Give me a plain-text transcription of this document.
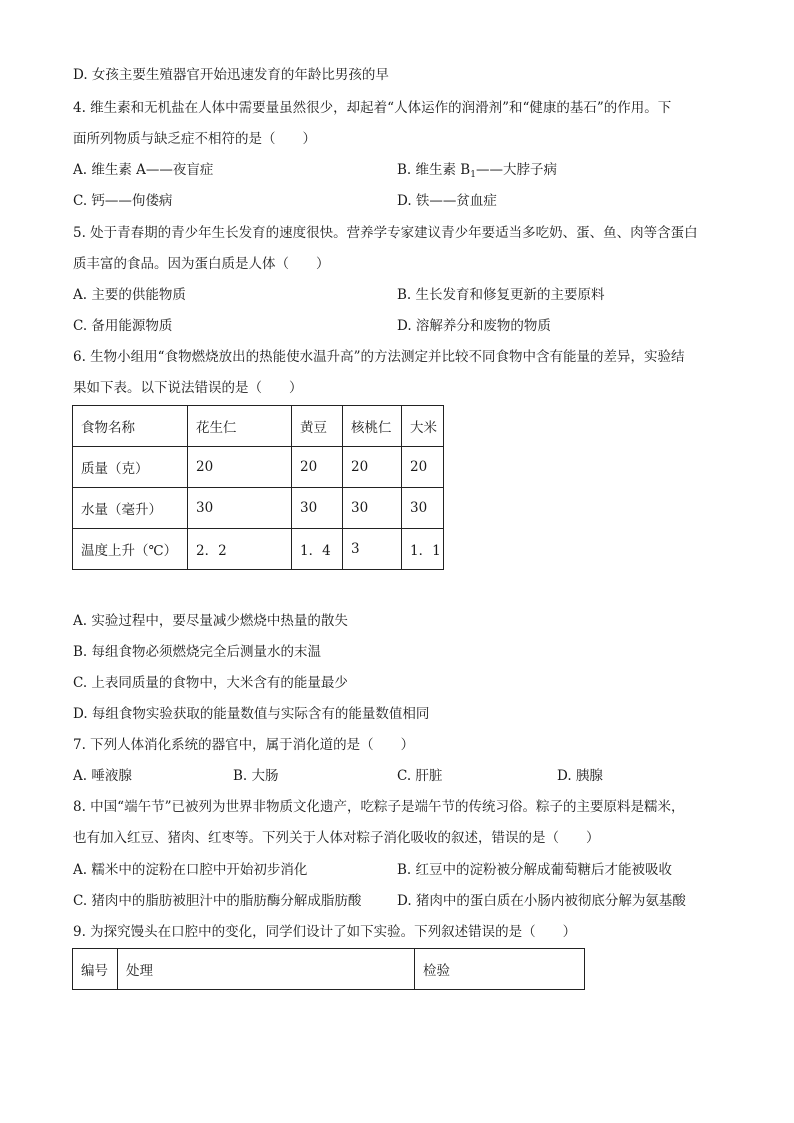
D. 女孩主要生殖器官开始迅速发育的年龄比男孩的早
4. 维生素和无机盐在人体中需要量虽然很少，却起着“人体运作的润滑剂”和“健康的基石”的作用。下
面所列物质与缺乏症不相符的是（　　）
A. 维生素 A——夜盲症	B. 维生素 $B_1——$大脖子病
C. 钙——佝偻病	D. 铁——贫血症
5. 处于青春期的青少年生长发育的速度很快。营养学专家建议青少年要适当多吃奶、蛋、鱼、肉等含蛋白
质丰富的食品。因为蛋白质是人体（　　）
A. 主要的供能物质	B. 生长发育和修复更新的主要原料
C. 备用能源物质	D. 溶解养分和废物的物质
6. 生物小组用“食物燃烧放出的热能使水温升高”的方法测定并比较不同食物中含有能量的差异，实验结
果如下表。以下说法错误的是（　　）
食物名称	花生仁	黄豆	核桃仁	大米
质量（克）	20	20	20	20
水量（毫升）	30	30	30	30
温度上升（℃）	2．2	1．4	3	1．1
A. 实验过程中，要尽量减少燃烧中热量的散失
B. 每组食物必须燃烧完全后测量水的末温
C. 上表同质量的食物中，大米含有的能量最少
D. 每组食物实验获取的能量数值与实际含有的能量数值相同
7. 下列人体消化系统的器官中，属于消化道的是（　　）
A. 唾液腺	B. 大肠	C. 肝脏	D. 胰腺
8. 中国“端午节”已被列为世界非物质文化遗产，吃粽子是端午节的传统习俗。粽子的主要原料是糯米，
也有加入红豆、猪肉、红枣等。下列关于人体对粽子消化吸收的叙述，错误的是（　　）
A. 糯米中的淀粉在口腔中开始初步消化	B. 红豆中的淀粉被分解成葡萄糖后才能被吸收
C. 猪肉中的脂肪被胆汁中的脂肪酶分解成脂肪酸	D. 猪肉中的蛋白质在小肠内被彻底分解为氨基酸
9. 为探究馒头在口腔中的变化，同学们设计了如下实验。下列叙述错误的是（　　）
编号	处理	检验
